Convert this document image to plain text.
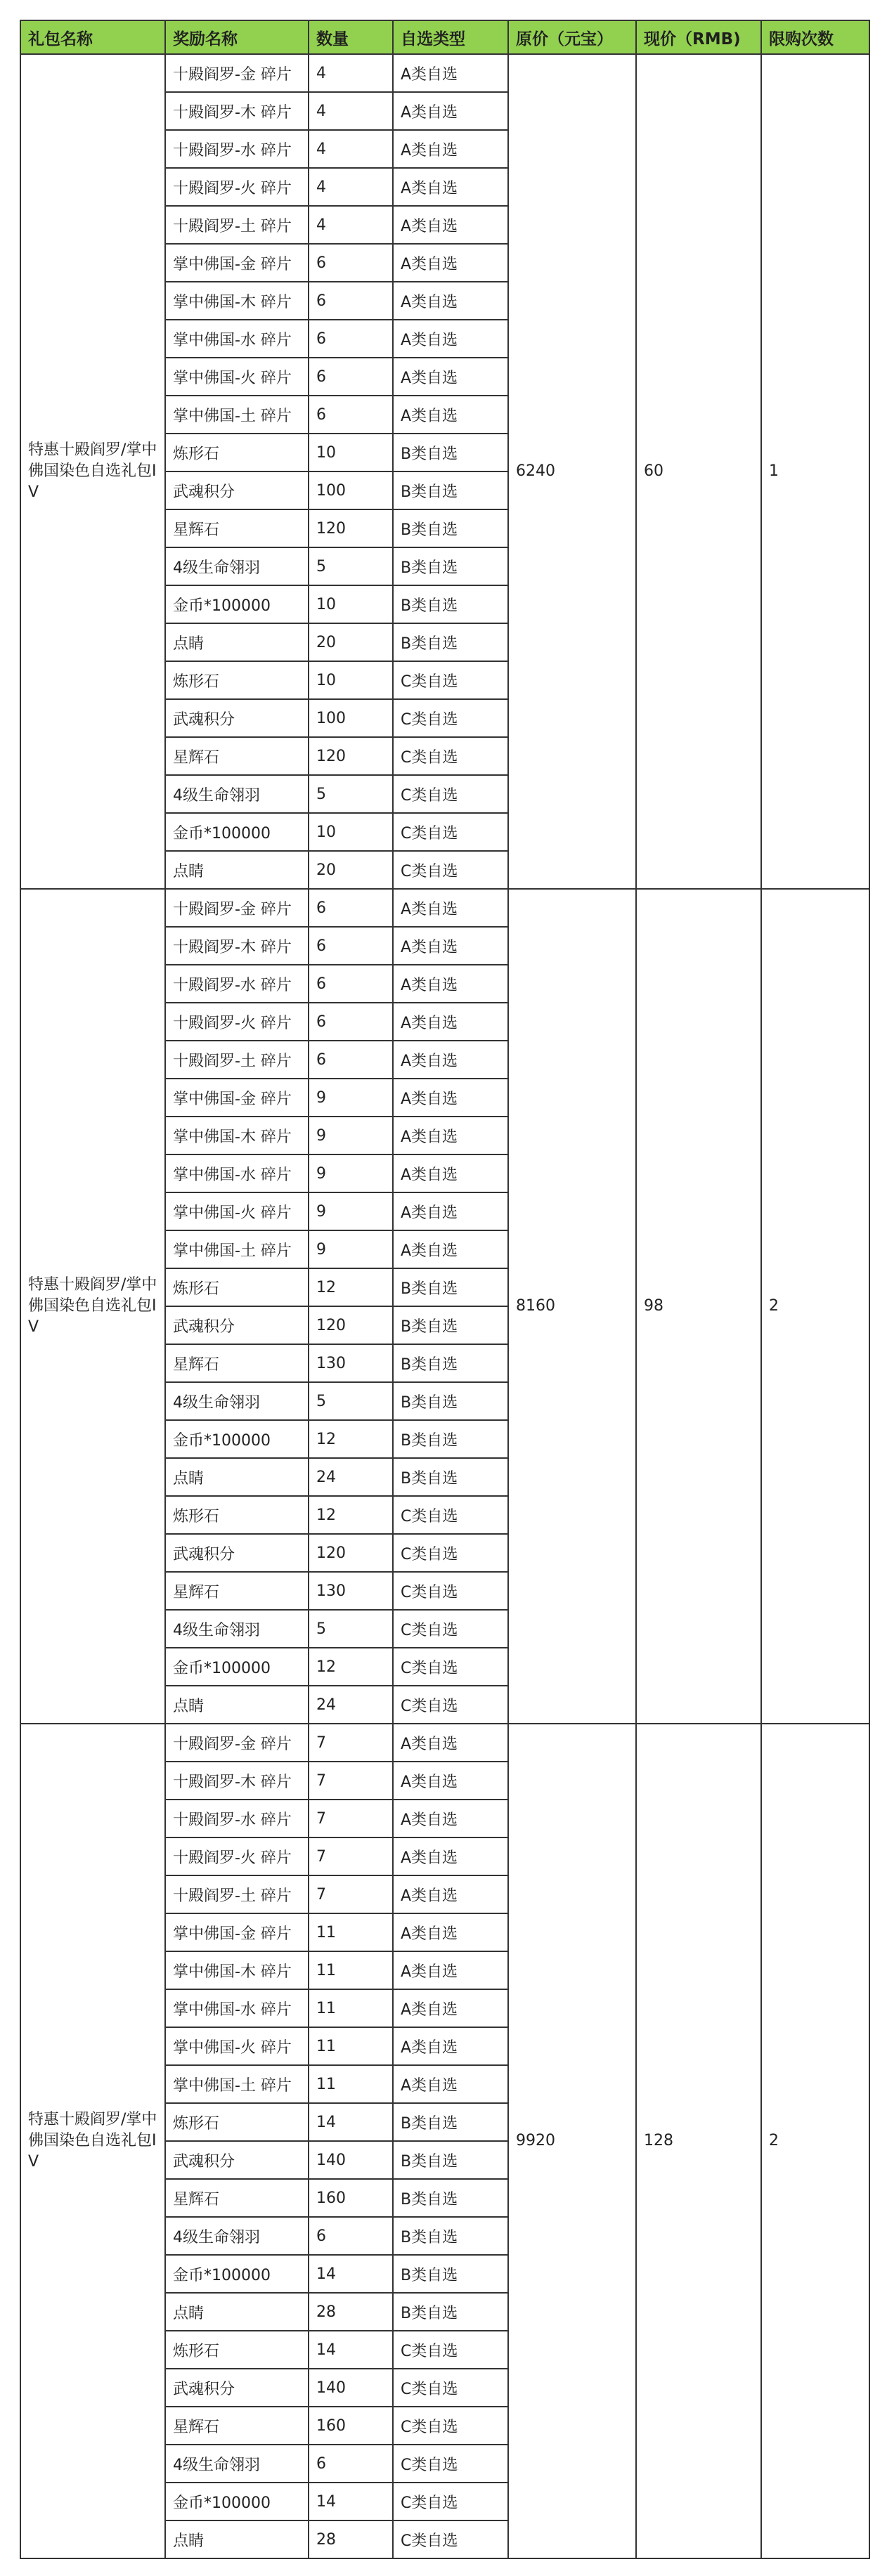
礼包名称	奖励名称	数量	自选类型	原价（元宝）	现价（RMB)	限购次数
特惠十殿阎罗/掌中佛国染色自选礼包IV	十殿阎罗-金 碎片	4	A类自选	6240	60	1
	十殿阎罗-木 碎片	4	A类自选			
	十殿阎罗-水 碎片	4	A类自选			
	十殿阎罗-火 碎片	4	A类自选			
	十殿阎罗-土 碎片	4	A类自选			
	掌中佛国-金 碎片	6	A类自选			
	掌中佛国-木 碎片	6	A类自选			
	掌中佛国-水 碎片	6	A类自选			
	掌中佛国-火 碎片	6	A类自选			
	掌中佛国-土 碎片	6	A类自选			
	炼形石	10	B类自选			
	武魂积分	100	B类自选			
	星辉石	120	B类自选			
	4级生命翎羽	5	B类自选			
	金币*100000	10	B类自选			
	点睛	20	B类自选			
	炼形石	10	C类自选			
	武魂积分	100	C类自选			
	星辉石	120	C类自选			
	4级生命翎羽	5	C类自选			
	金币*100000	10	C类自选			
	点睛	20	C类自选			
特惠十殿阎罗/掌中佛国染色自选礼包IV	十殿阎罗-金 碎片	6	A类自选	8160	98	2
	十殿阎罗-木 碎片	6	A类自选			
	十殿阎罗-水 碎片	6	A类自选			
	十殿阎罗-火 碎片	6	A类自选			
	十殿阎罗-土 碎片	6	A类自选			
	掌中佛国-金 碎片	9	A类自选			
	掌中佛国-木 碎片	9	A类自选			
	掌中佛国-水 碎片	9	A类自选			
	掌中佛国-火 碎片	9	A类自选			
	掌中佛国-土 碎片	9	A类自选			
	炼形石	12	B类自选			
	武魂积分	120	B类自选			
	星辉石	130	B类自选			
	4级生命翎羽	5	B类自选			
	金币*100000	12	B类自选			
	点睛	24	B类自选			
	炼形石	12	C类自选			
	武魂积分	120	C类自选			
	星辉石	130	C类自选			
	4级生命翎羽	5	C类自选			
	金币*100000	12	C类自选			
	点睛	24	C类自选			
特惠十殿阎罗/掌中佛国染色自选礼包IV	十殿阎罗-金 碎片	7	A类自选	9920	128	2
	十殿阎罗-木 碎片	7	A类自选			
	十殿阎罗-水 碎片	7	A类自选			
	十殿阎罗-火 碎片	7	A类自选			
	十殿阎罗-土 碎片	7	A类自选			
	掌中佛国-金 碎片	11	A类自选			
	掌中佛国-木 碎片	11	A类自选			
	掌中佛国-水 碎片	11	A类自选			
	掌中佛国-火 碎片	11	A类自选			
	掌中佛国-土 碎片	11	A类自选			
	炼形石	14	B类自选			
	武魂积分	140	B类自选			
	星辉石	160	B类自选			
	4级生命翎羽	6	B类自选			
	金币*100000	14	B类自选			
	点睛	28	B类自选			
	炼形石	14	C类自选			
	武魂积分	140	C类自选			
	星辉石	160	C类自选			
	4级生命翎羽	6	C类自选			
	金币*100000	14	C类自选			
	点睛	28	C类自选			
